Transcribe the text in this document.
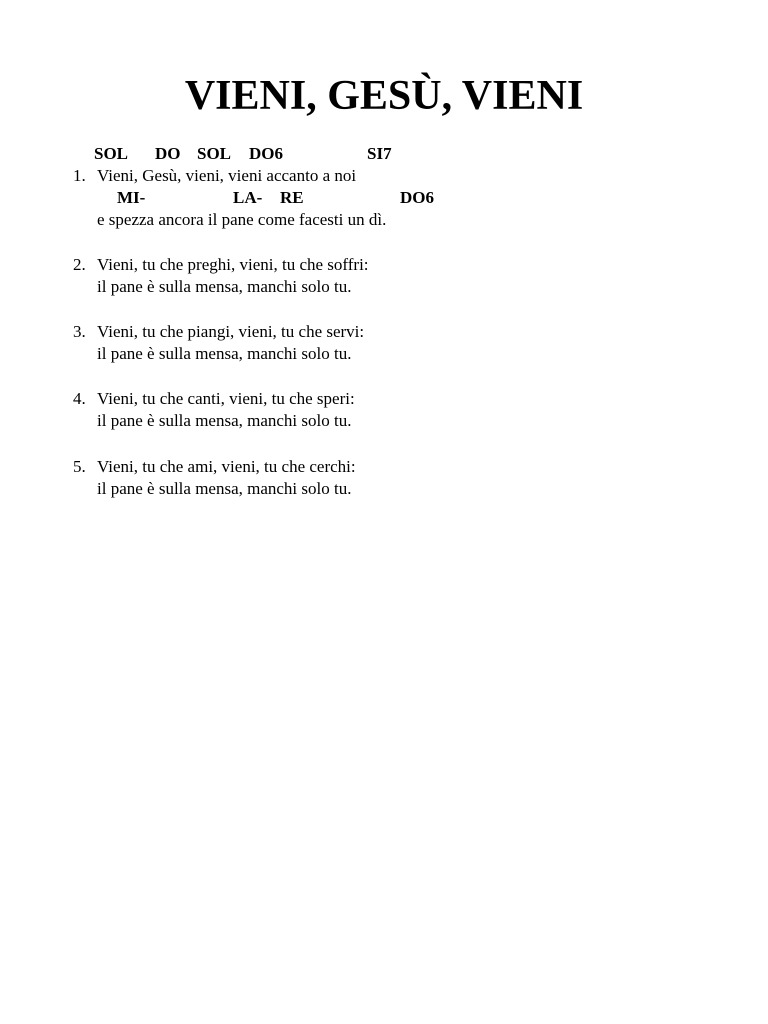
VIENI, GESÙ, VIENI
SOL DO SOL DO6	SI7
1. Vieni, Gesù, vieni, vieni accanto a noi
MI-	LA- RE	DO6
e spezza ancora il pane come facesti un dì.
2. Vieni, tu che preghi, vieni, tu che soffri:
il pane è sulla mensa, manchi solo tu.
3. Vieni, tu che piangi, vieni, tu che servi:
il pane è sulla mensa, manchi solo tu.
4. Vieni, tu che canti, vieni, tu che speri:
il pane è sulla mensa, manchi solo tu.
5. Vieni, tu che ami, vieni, tu che cerchi:
il pane è sulla mensa, manchi solo tu.
